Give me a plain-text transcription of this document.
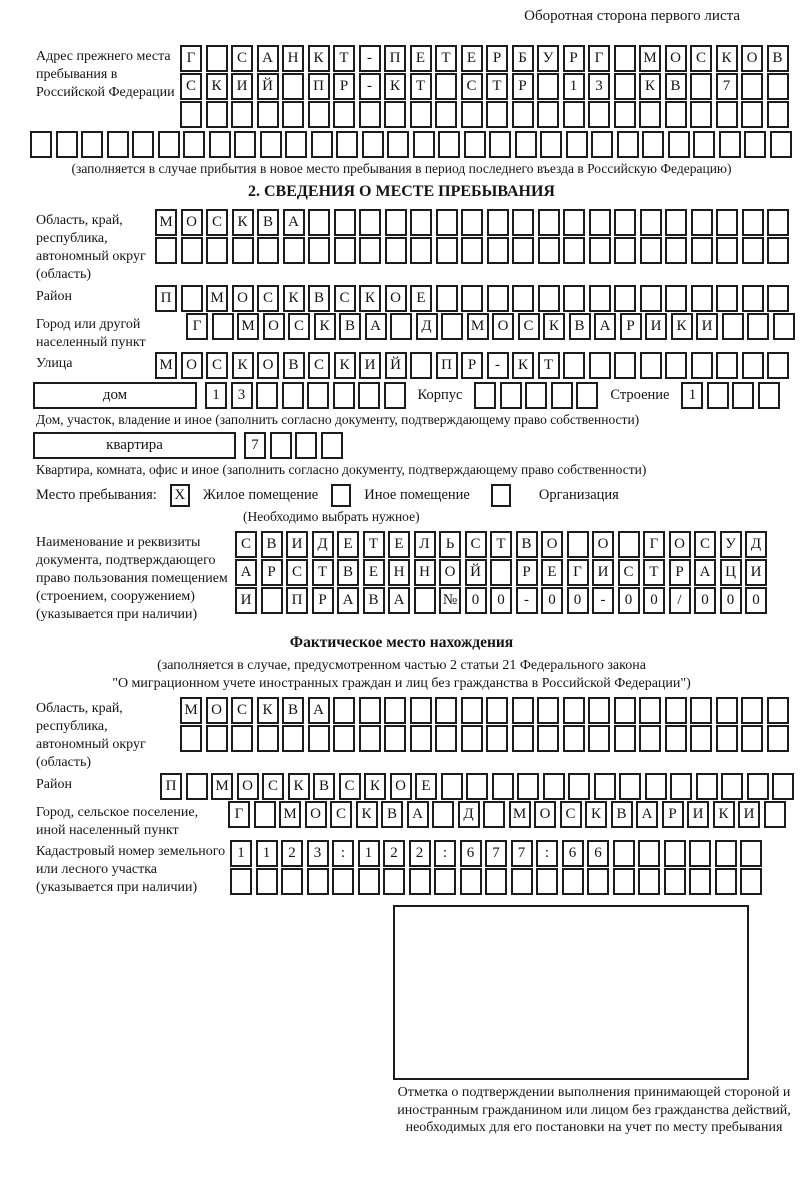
Оборотная сторона первого листа
Адрес прежнего места пребывания в Российской Федерации
Г	С	А Н	К	Т	-	П	Е	Т	Е	Р	Б	У	Р	Г	М О	С	К	О	В
С	К	И Й	П	Р	-	К	Т	С	Т	Р	1	3	К	В	7
(заполняется в случае прибытия в новое место пребывания в период последнего въезда в Российскую Федерацию)
2. СВЕДЕНИЯ О МЕСТЕ ПРЕБЫВАНИЯ
Область, край, республика, автономный округ (область)
М О	С	К	В	А
Район	П	М О	С	К	В	С	К	О	Е
Город или другой населенный пункт
Г	М О	С	К	В	А	Д	М О	С	К	В	А	Р	И	К	И
Улица	М О	С	К	О	В	С	К	И Й	П	Р	-	К	Т
дом	1	3	Корпус	Строение	1
Дом, участок, владение и иное (заполнить согласно документу, подтверждающему право собственности)
квартира	7
Квартира, комната, офис и иное (заполнить согласно документу, подтверждающему право собственности)
Место пребывания:	X	Жилое помещение	Иное помещение	Организация
(Необходимо выбрать нужное)
Наименование и реквизиты документа, подтверждающего право пользования помещением (строением, сооружением) (указывается при наличии)
С	В	И Д	Е	Т	Е	Л	Ь	С	Т	В	О	О	Г	О	С	У	Д
А	Р	С	Т	В	Е	Н Н О Й	Р	Е	Г	И	С	Т	Р	А Ц И
И	П	Р	А	В	А	№ 0	0	-	0	0	-	0	0	/	0	0	0
Фактическое место нахождения
(заполняется в случае, предусмотренном частью 2 статьи 21 Федерального закона
"О миграционном учете иностранных граждан и лиц без гражданства в Российской Федерации")
Область, край, республика, автономный округ (область)
М О	С	К	В	А
Район	П	М О	С	К	В	С	К	О	Е
Город, сельское поселение, иной населенный пункт
Г	М О	С	К	В	А	Д	М О	С	К	В	А	Р	И	К	И
Кадастровый номер земельного или лесного участка (указывается при наличии)
1	1	2	3	:	1	2	2	:	6	7	7	:	6	6
Отметка о подтверждении выполнения принимающей стороной и иностранным гражданином или лицом без гражданства действий, необходимых для его постановки на учет по месту пребывания
